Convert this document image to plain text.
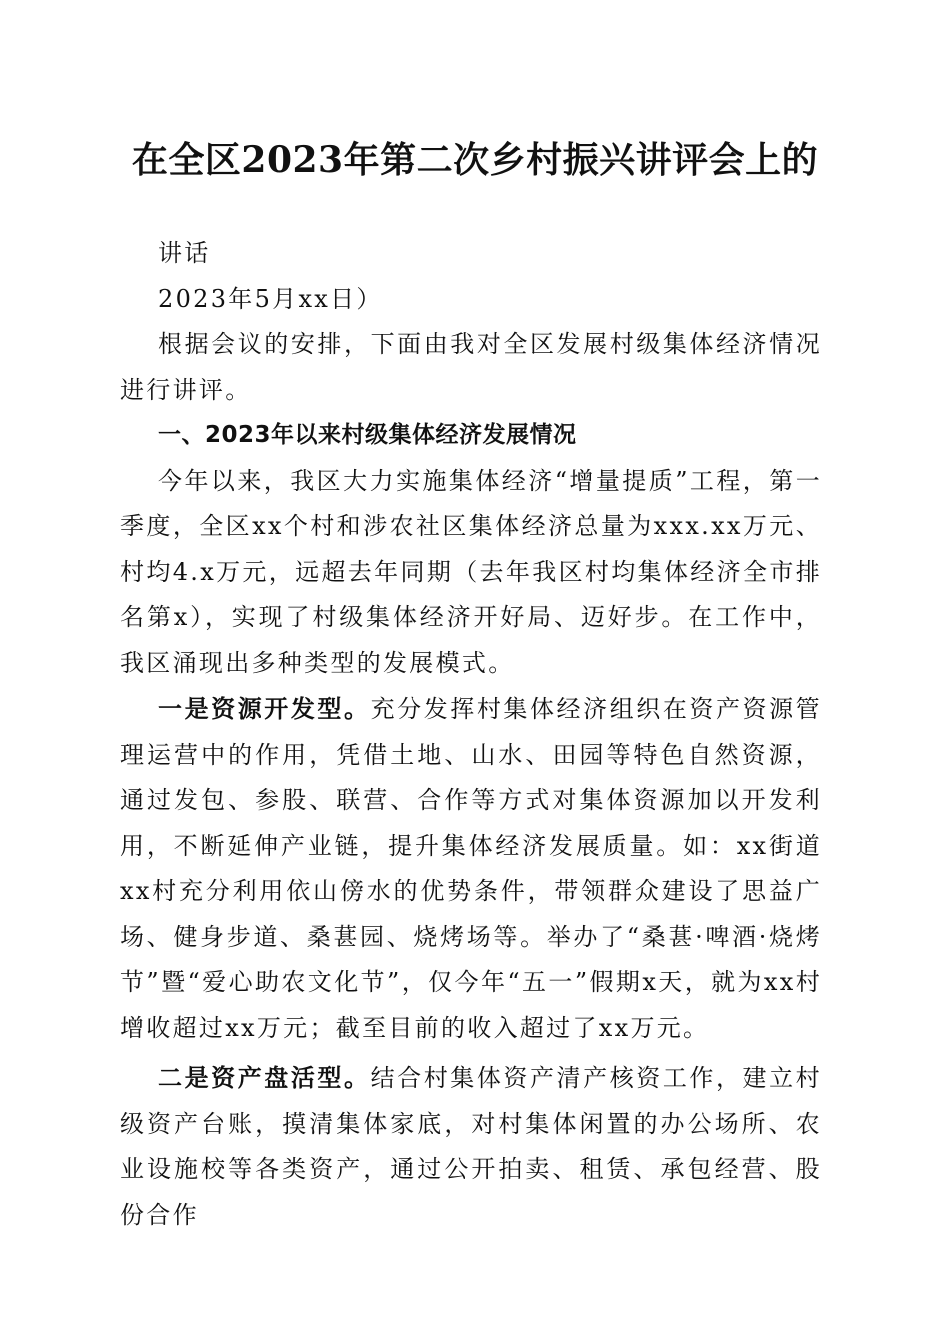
在全区2023年第二次乡村振兴讲评会上的

讲话

2023年5月xx日）

根据会议的安排，下面由我对全区发展村级集体经济情况进行讲评。

一、2023年以来村级集体经济发展情况

今年以来，我区大力实施集体经济“增量提质”工程，第一季度，全区xx个村和涉农社区集体经济总量为xxx.xx万元、村均4.x万元，远超去年同期（去年我区村均集体经济全市排名第x），实现了村级集体经济开好局、迈好步。在工作中，我区涌现出多种类型的发展模式。

一是资源开发型。充分发挥村集体经济组织在资产资源管理运营中的作用，凭借土地、山水、田园等特色自然资源，通过发包、参股、联营、合作等方式对集体资源加以开发利用，不断延伸产业链，提升集体经济发展质量。如：xx街道xx村充分利用依山傍水的优势条件，带领群众建设了思益广场、健身步道、桑葚园、烧烤场等。举办了“桑葚·啤酒·烧烤节”暨“爱心助农文化节”，仅今年“五一”假期x天，就为xx村增收超过xx万元；截至目前的收入超过了xx万元。

二是资产盘活型。结合村集体资产清产核资工作，建立村级资产台账，摸清集体家底，对村集体闲置的办公场所、农业设施校等各类资产，通过公开拍卖、租赁、承包经营、股份合作
